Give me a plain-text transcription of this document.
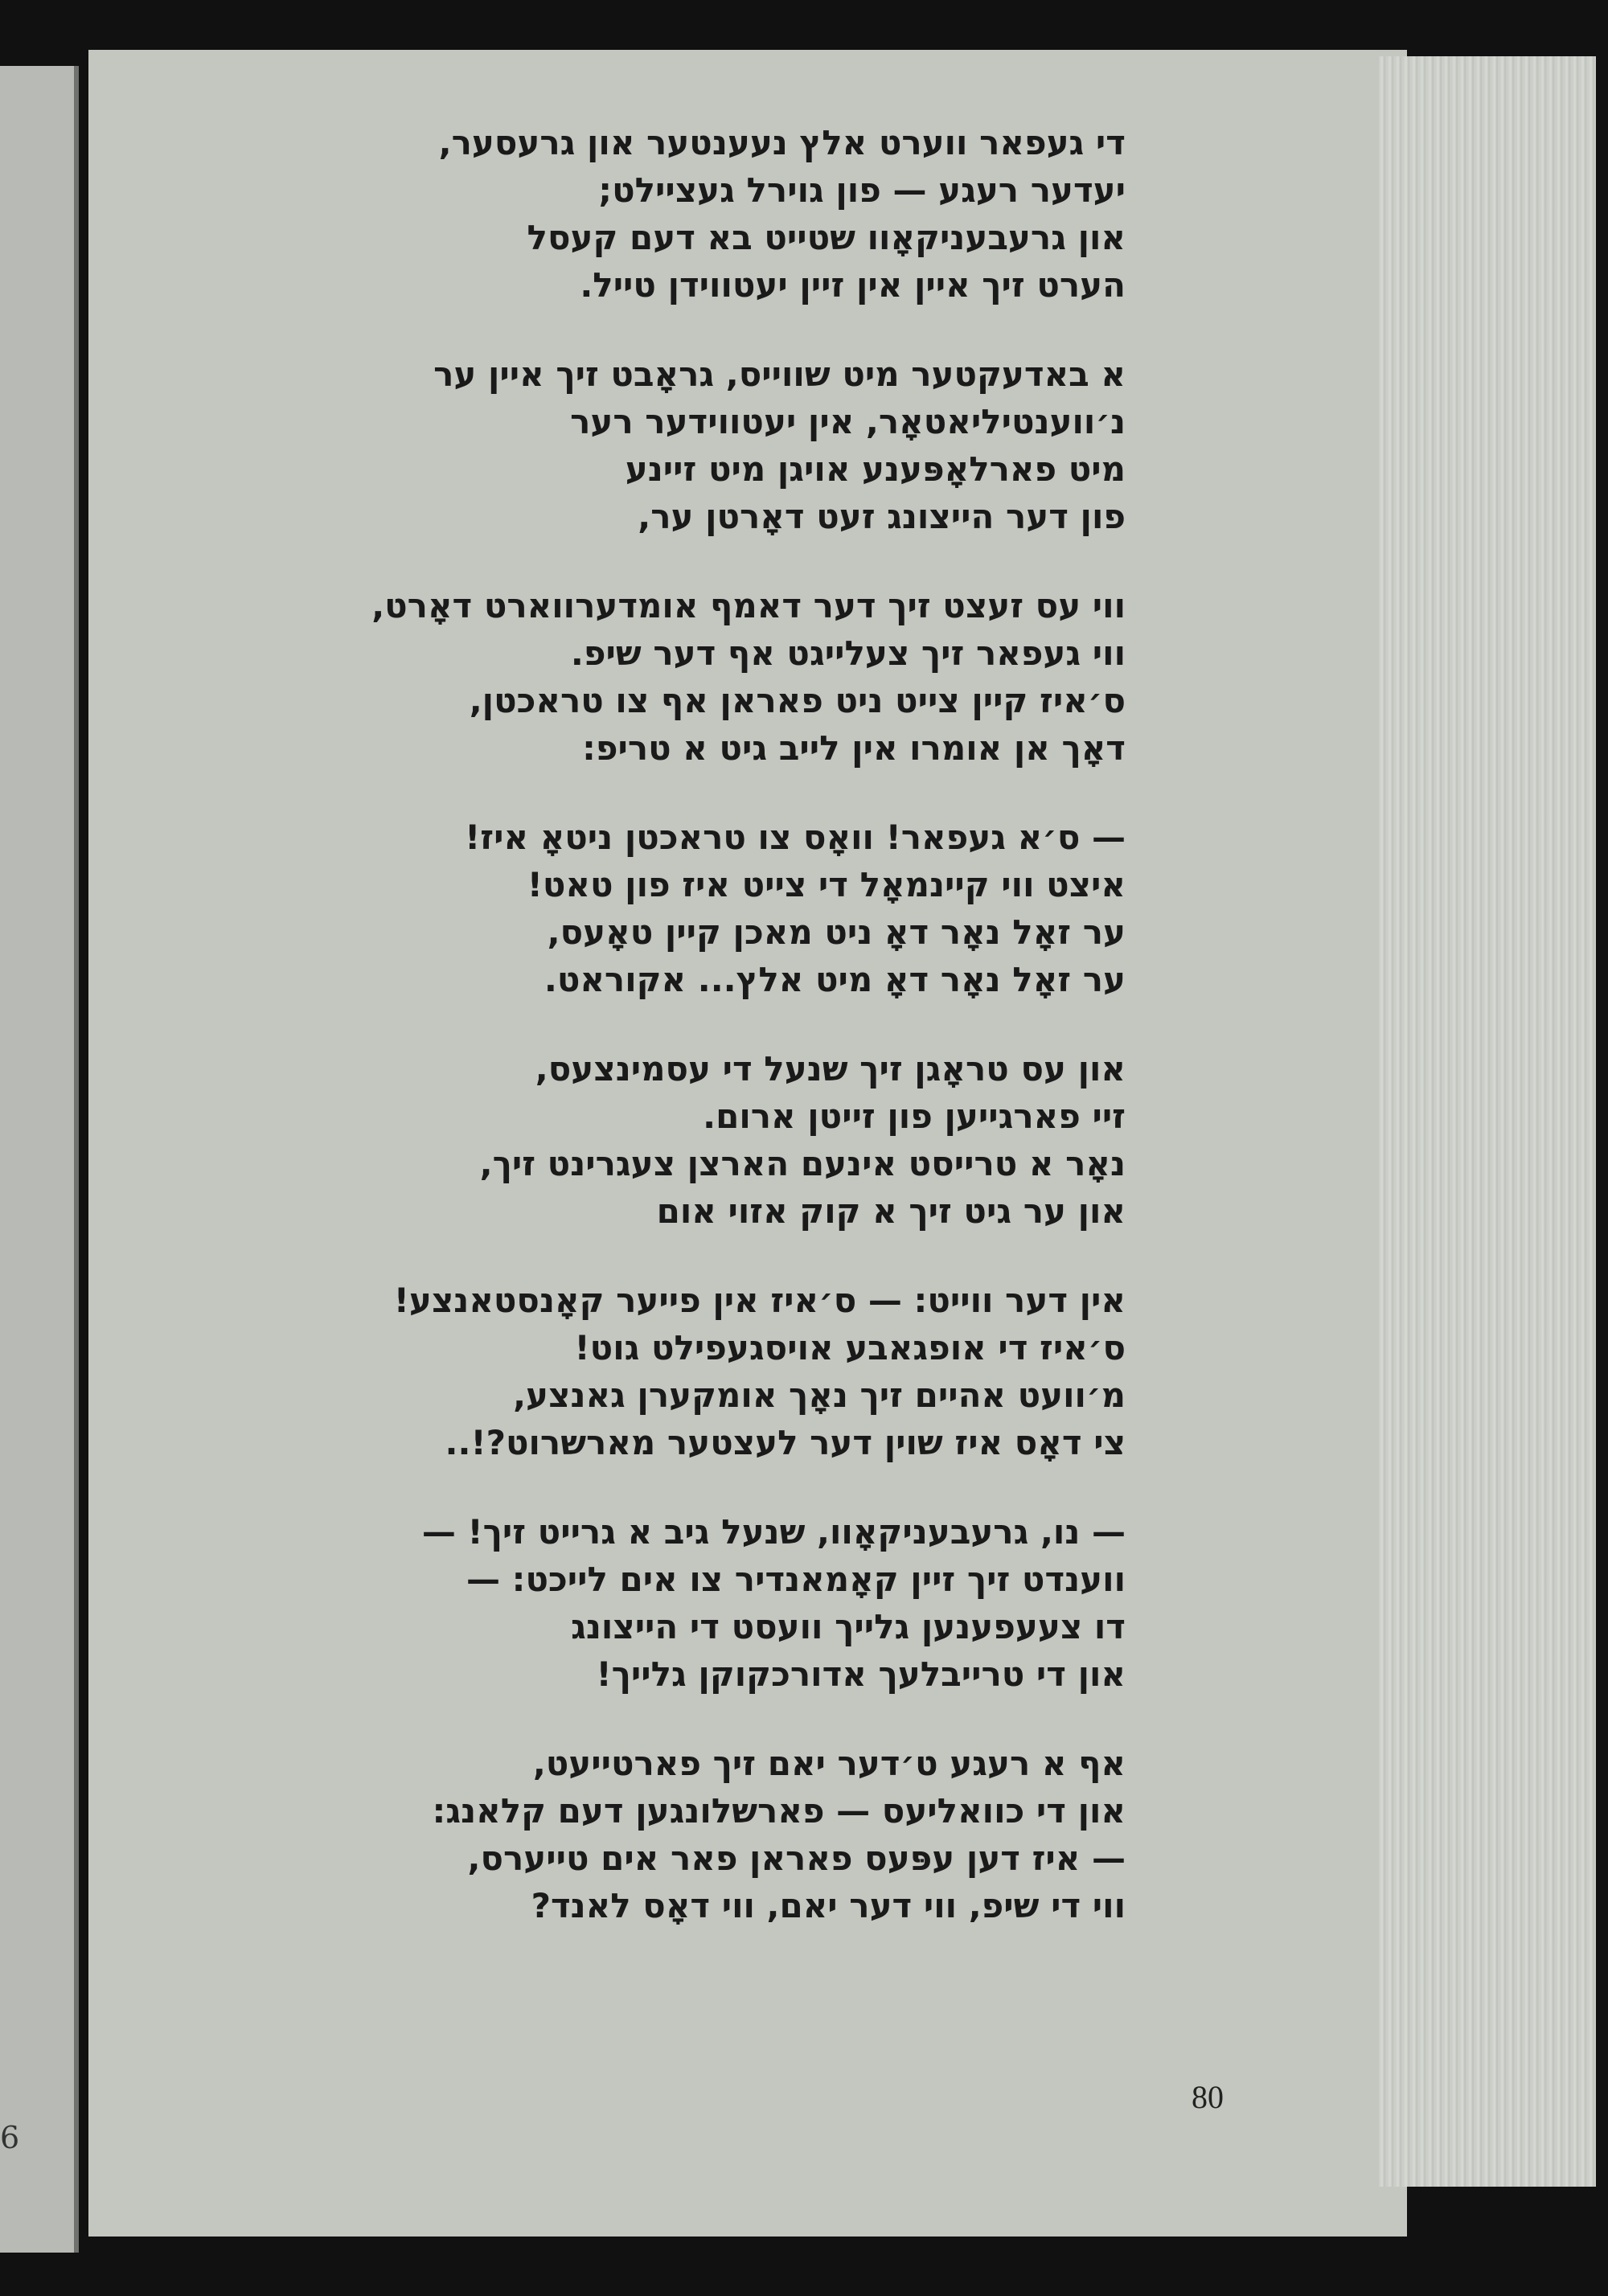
6
די געפאר ווערט אלץ נעענטער און גרעסער,
יעדער רעגע — פון גוירל געציילט;
און גרעבעניקאָוו שטייט בא דעם קעסל
הערט זיך איין אין זיין יעטווידן טייל.
א באדעקטער מיט שווייס, גראָבט זיך איין ער
נ׳ווענטיליאטאָר, אין יעטווידער רער
מיט פארלאָפּענע אויגן מיט זיינע
פון דער הייצונג זעט דאָרטן ער,
ווי עס זעצט זיך דער דאמף אומדערווארט דאָרט,
ווי געפאר זיך צעלייגט אף דער שיפ.
ס׳איז קיין צייט ניט פאראן אף צו טראכטן,
דאָך אן אומרו אין לייב גיט א טריפ:
— ס׳א געפאר! וואָס צו טראכטן ניטאָ איז!
איצט ווי קיינמאָל די צייט איז פון טאט!
ער זאָל נאָר דאָ ניט מאכן קיין טאָעס,
ער זאָל נאָר דאָ מיט אלץ... אקוראט.
און עס טראָגן זיך שנעל די עסמינצעס,
זיי פארגייען פון זייטן ארום.
נאָר א טרייסט אינעם הארצן צעגרינט זיך,
און ער גיט זיך א קוק אזוי אום
אין דער ווייט: — ס׳איז אין פייער קאָנסטאנצע!
ס׳איז די אופגאבע אויסגעפילט גוט!
מ׳וועט אהיים זיך נאָך אומקערן גאנצע,
צי דאָס איז שוין דער לעצטער מארשרוט?!..
— נו, גרעבעניקאָוו, שנעל גיב א גרייט זיך! —
ווענדט זיך זיין קאָמאנדיר צו אים לייכט: —
דו צעעפענען גלייך וועסט די הייצונג
און די טרייבלעך אדורכקוקן גלייך!
אף א רעגע ט׳דער יאם זיך פארטייעט,
און די כוואליעס — פארשלונגען דעם קלאנג:
— איז דען עפּעס פאראן פאר אים טייערס,
ווי די שיפ, ווי דער יאם, ווי דאָס לאנד?
80
